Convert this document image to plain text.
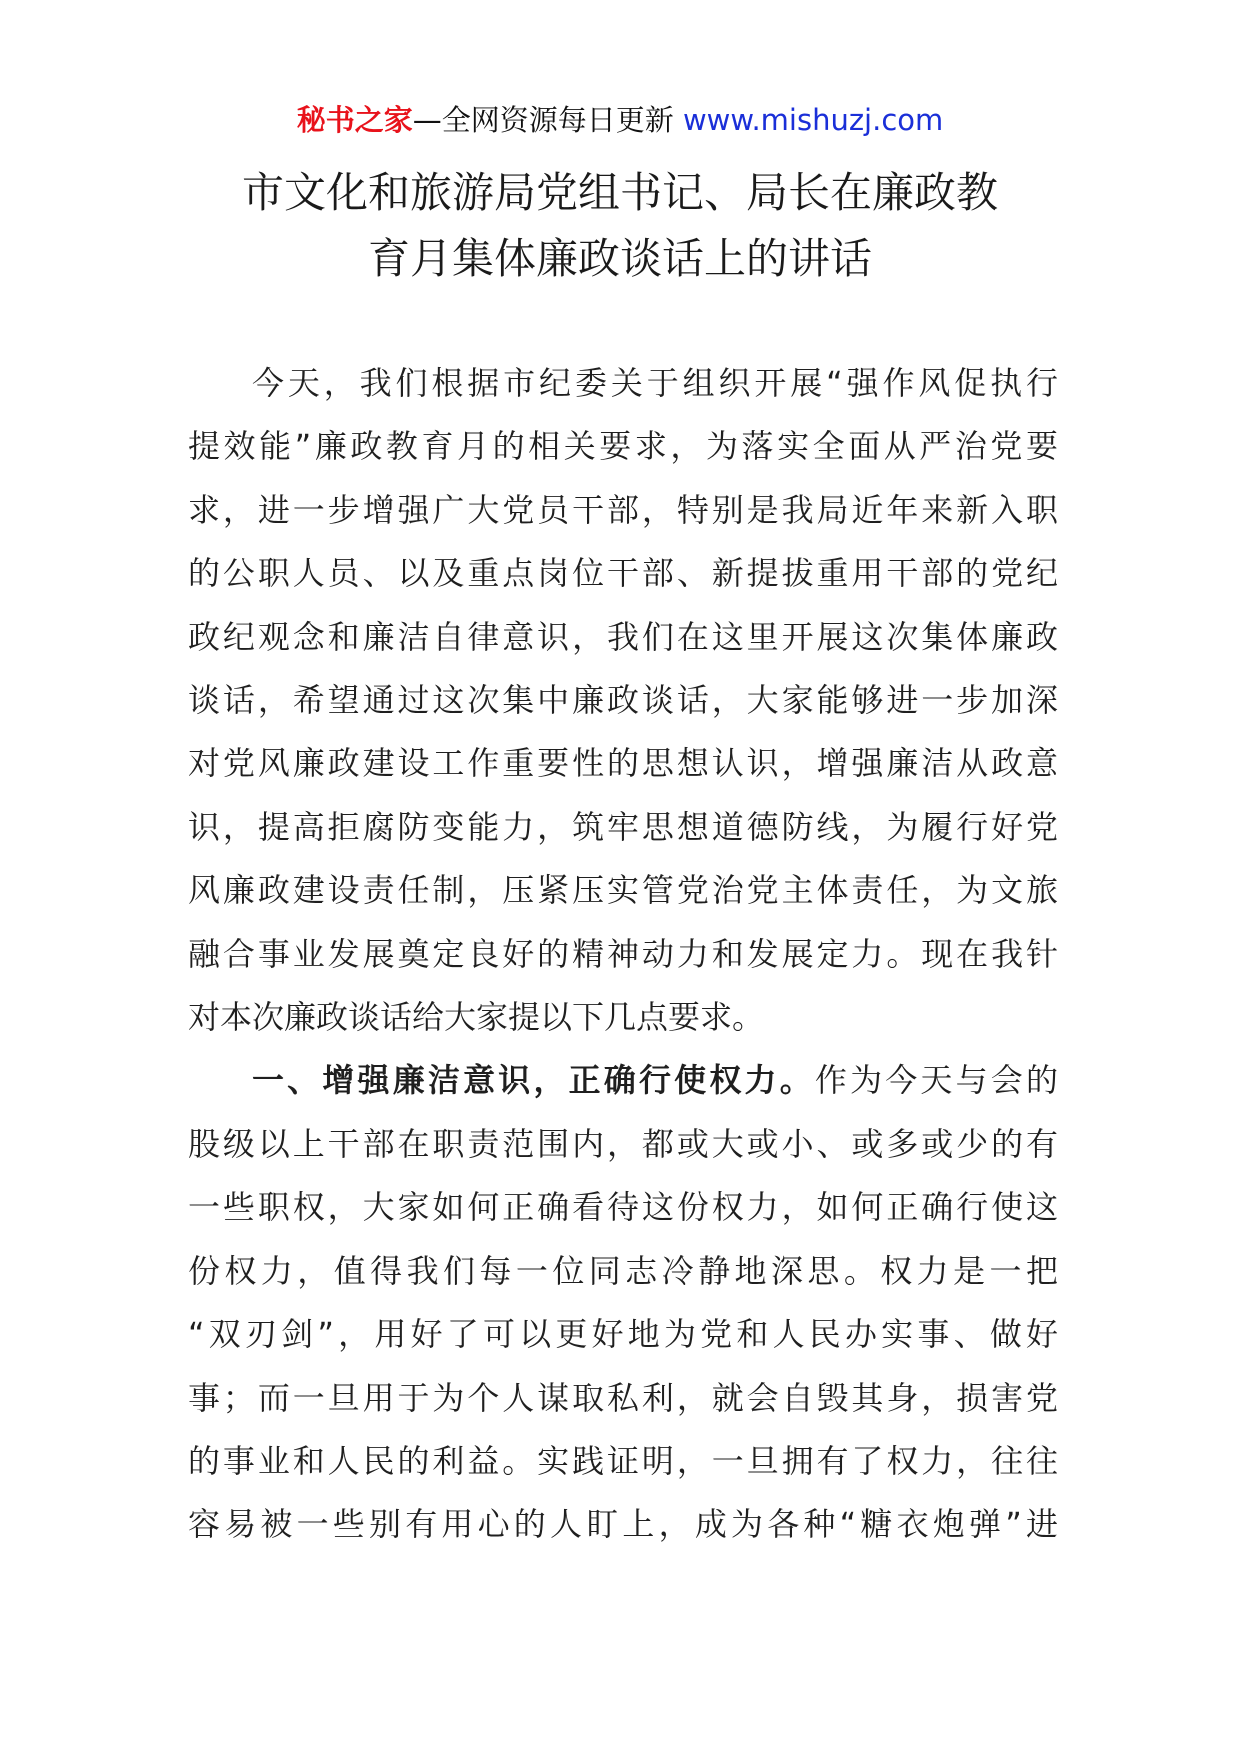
秘书之家—全网资源每日更新 www.mishuzj.com
市文化和旅游局党组书记、局长在廉政教
育月集体廉政谈话上的讲话
今天，我们根据市纪委关于组织开展“强作风促执行
提效能”廉政教育月的相关要求，为落实全面从严治党要
求，进一步增强广大党员干部，特别是我局近年来新入职
的公职人员、以及重点岗位干部、新提拔重用干部的党纪
政纪观念和廉洁自律意识，我们在这里开展这次集体廉政
谈话，希望通过这次集中廉政谈话，大家能够进一步加深
对党风廉政建设工作重要性的思想认识，增强廉洁从政意
识，提高拒腐防变能力，筑牢思想道德防线，为履行好党
风廉政建设责任制，压紧压实管党治党主体责任，为文旅
融合事业发展奠定良好的精神动力和发展定力。现在我针
对本次廉政谈话给大家提以下几点要求。
一、增强廉洁意识，正确行使权力。作为今天与会的
股级以上干部在职责范围内，都或大或小、或多或少的有
一些职权，大家如何正确看待这份权力，如何正确行使这
份权力，值得我们每一位同志冷静地深思。权力是一把
“双刃剑”，用好了可以更好地为党和人民办实事、做好
事；而一旦用于为个人谋取私利，就会自毁其身，损害党
的事业和人民的利益。实践证明，一旦拥有了权力，往往
容易被一些别有用心的人盯上，成为各种“糖衣炮弹”进
